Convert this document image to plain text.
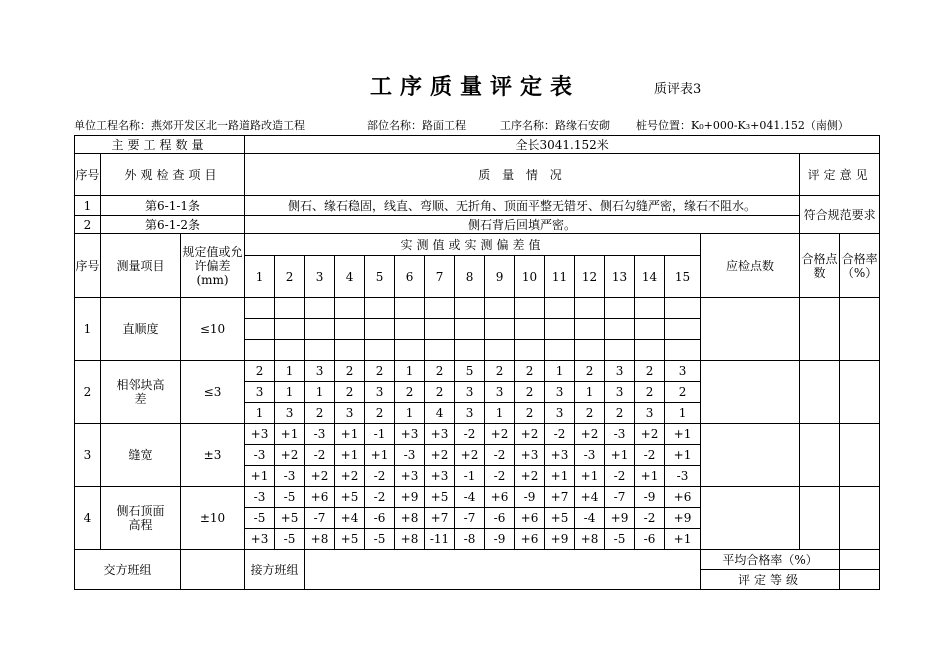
工序质量评定表	质评表3
单位工程名称：燕郊开发区北一路道路改造工程	部位名称：路面工程	工序名称：路缘石安砌 桩号位置：K₀+000-K₃+041.152（南侧）
主要工程数量			全长3041.152米																	
序号	外观检查项目		质 量 情 况																评定意见	
1	第6-1-1条		侧石、缘石稳固，线直、弯顺、无折角、顶面平整无错牙、侧石勾缝严密，缘石不阻水。																符合规范要求	
2	第6-1-2条		侧石背后回填严密。																	
序号	测量项目	规定值或允许偏差(mm)	实测值或实测偏差值															应检点数	合格点数	合格率（%）
			1	2	3	4	5	6	7	8	9	10	11	12	13	14	15			
1	直顺度	≤10																		

2	相邻块高差	≤3	2	1	3	2	2	1	2	5	2	2	1	2	3	2	3			
			3	1	1	2	3	2	2	3	3	2	3	1	3	2	2			
			1	3	2	3	2	1	4	3	1	2	3	2	2	3	1			
3	缝宽	±3	+3	+1	-3	+1	-1	+3	+3	-2	+2	+2	-2	+2	-3	+2	+1			
			-3	+2	-2	+1	+1	-3	+2	+2	-2	+3	+3	-3	+1	-2	+1			
			+1	-3	+2	+2	-2	+3	+3	-1	-2	+2	+1	+1	-2	+1	-3			
4	侧石顶面高程	±10	-3	-5	+6	+5	-2	+9	+5	-4	+6	-9	+7	+4	-7	-9	+6			
			-5	+5	-7	+4	-6	+8	+7	-7	-6	+6	+5	-4	+9	-2	+9			
			+3	-5	+8	+5	-5	+8	-11	-8	-9	+6	+9	+8	-5	-6	+1			
交方班组			接方班组															平均合格率（%）		
																		评定等级		
